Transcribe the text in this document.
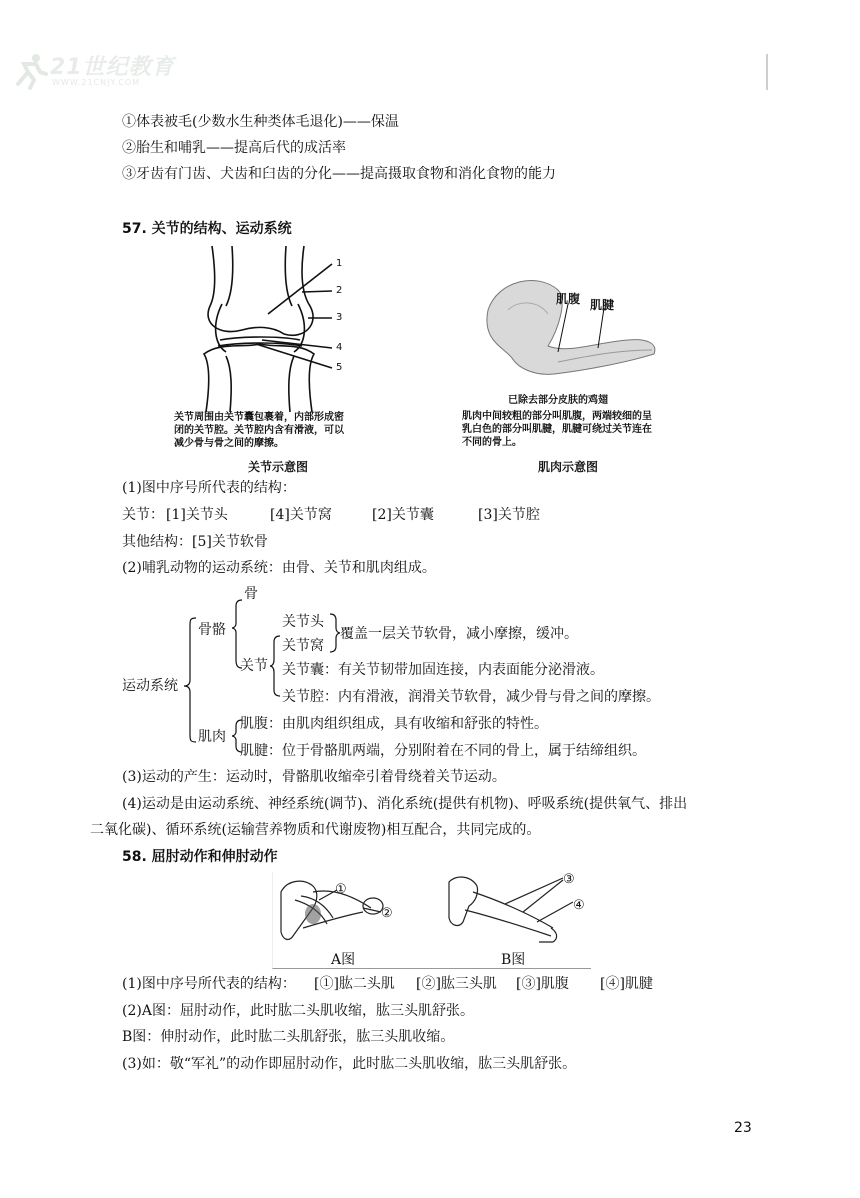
21世纪教育
WWW.21CNJY.COM
①体表被毛(少数水生种类体毛退化)——保温
②胎生和哺乳——提高后代的成活率
③牙齿有门齿、犬齿和臼齿的分化——提高摄取食物和消化食物的能力
57. 关节的结构、运动系统
1
2
3
4
5
关节周围由关节囊包裹着，内部形成密
闭的关节腔。关节腔内含有滑液，可以
减少骨与骨之间的摩擦。
关节示意图
肌腹 肌腱
已除去部分皮肤的鸡翅
肌肉中间较粗的部分叫肌腹，两端较细的呈
乳白色的部分叫肌腱，肌腱可绕过关节连在
不同的骨上。
肌肉示意图
(1)图中序号所代表的结构：
关节： [1]关节头	[4]关节窝	[2]关节囊	[3]关节腔
其他结构：[5]关节软骨
(2)哺乳动物的运动系统：由骨、关节和肌肉组成。
运动系统
骨骼
骨
关节
关节头
关节窝
覆盖一层关节软骨，减小摩擦，缓冲。
关节囊：有关节韧带加固连接，内表面能分泌滑液。
关节腔：内有滑液，润滑关节软骨，减少骨与骨之间的摩擦。
肌肉
肌腹：由肌肉组织组成，具有收缩和舒张的特性。
肌腱：位于骨骼肌两端，分别附着在不同的骨上，属于结缔组织。
(3)运动的产生：运动时，骨骼肌收缩牵引着骨绕着关节运动。
(4)运动是由运动系统、神经系统(调节)、消化系统(提供有机物)、呼吸系统(提供氧气、排出
二氧化碳)、循环系统(运输营养物质和代谢废物)相互配合，共同完成的。
58. 屈肘动作和伸肘动作
①
②
③
④
A图	B图
(1)图中序号所代表的结构： [①]肱二头肌 [②]肱三头肌 [③]肌腹 [④]肌腱
(2)A图：屈肘动作，此时肱二头肌收缩，肱三头肌舒张。
B图：伸肘动作，此时肱二头肌舒张，肱三头肌收缩。
(3)如：敬“军礼”的动作即屈肘动作，此时肱二头肌收缩，肱三头肌舒张。
23
